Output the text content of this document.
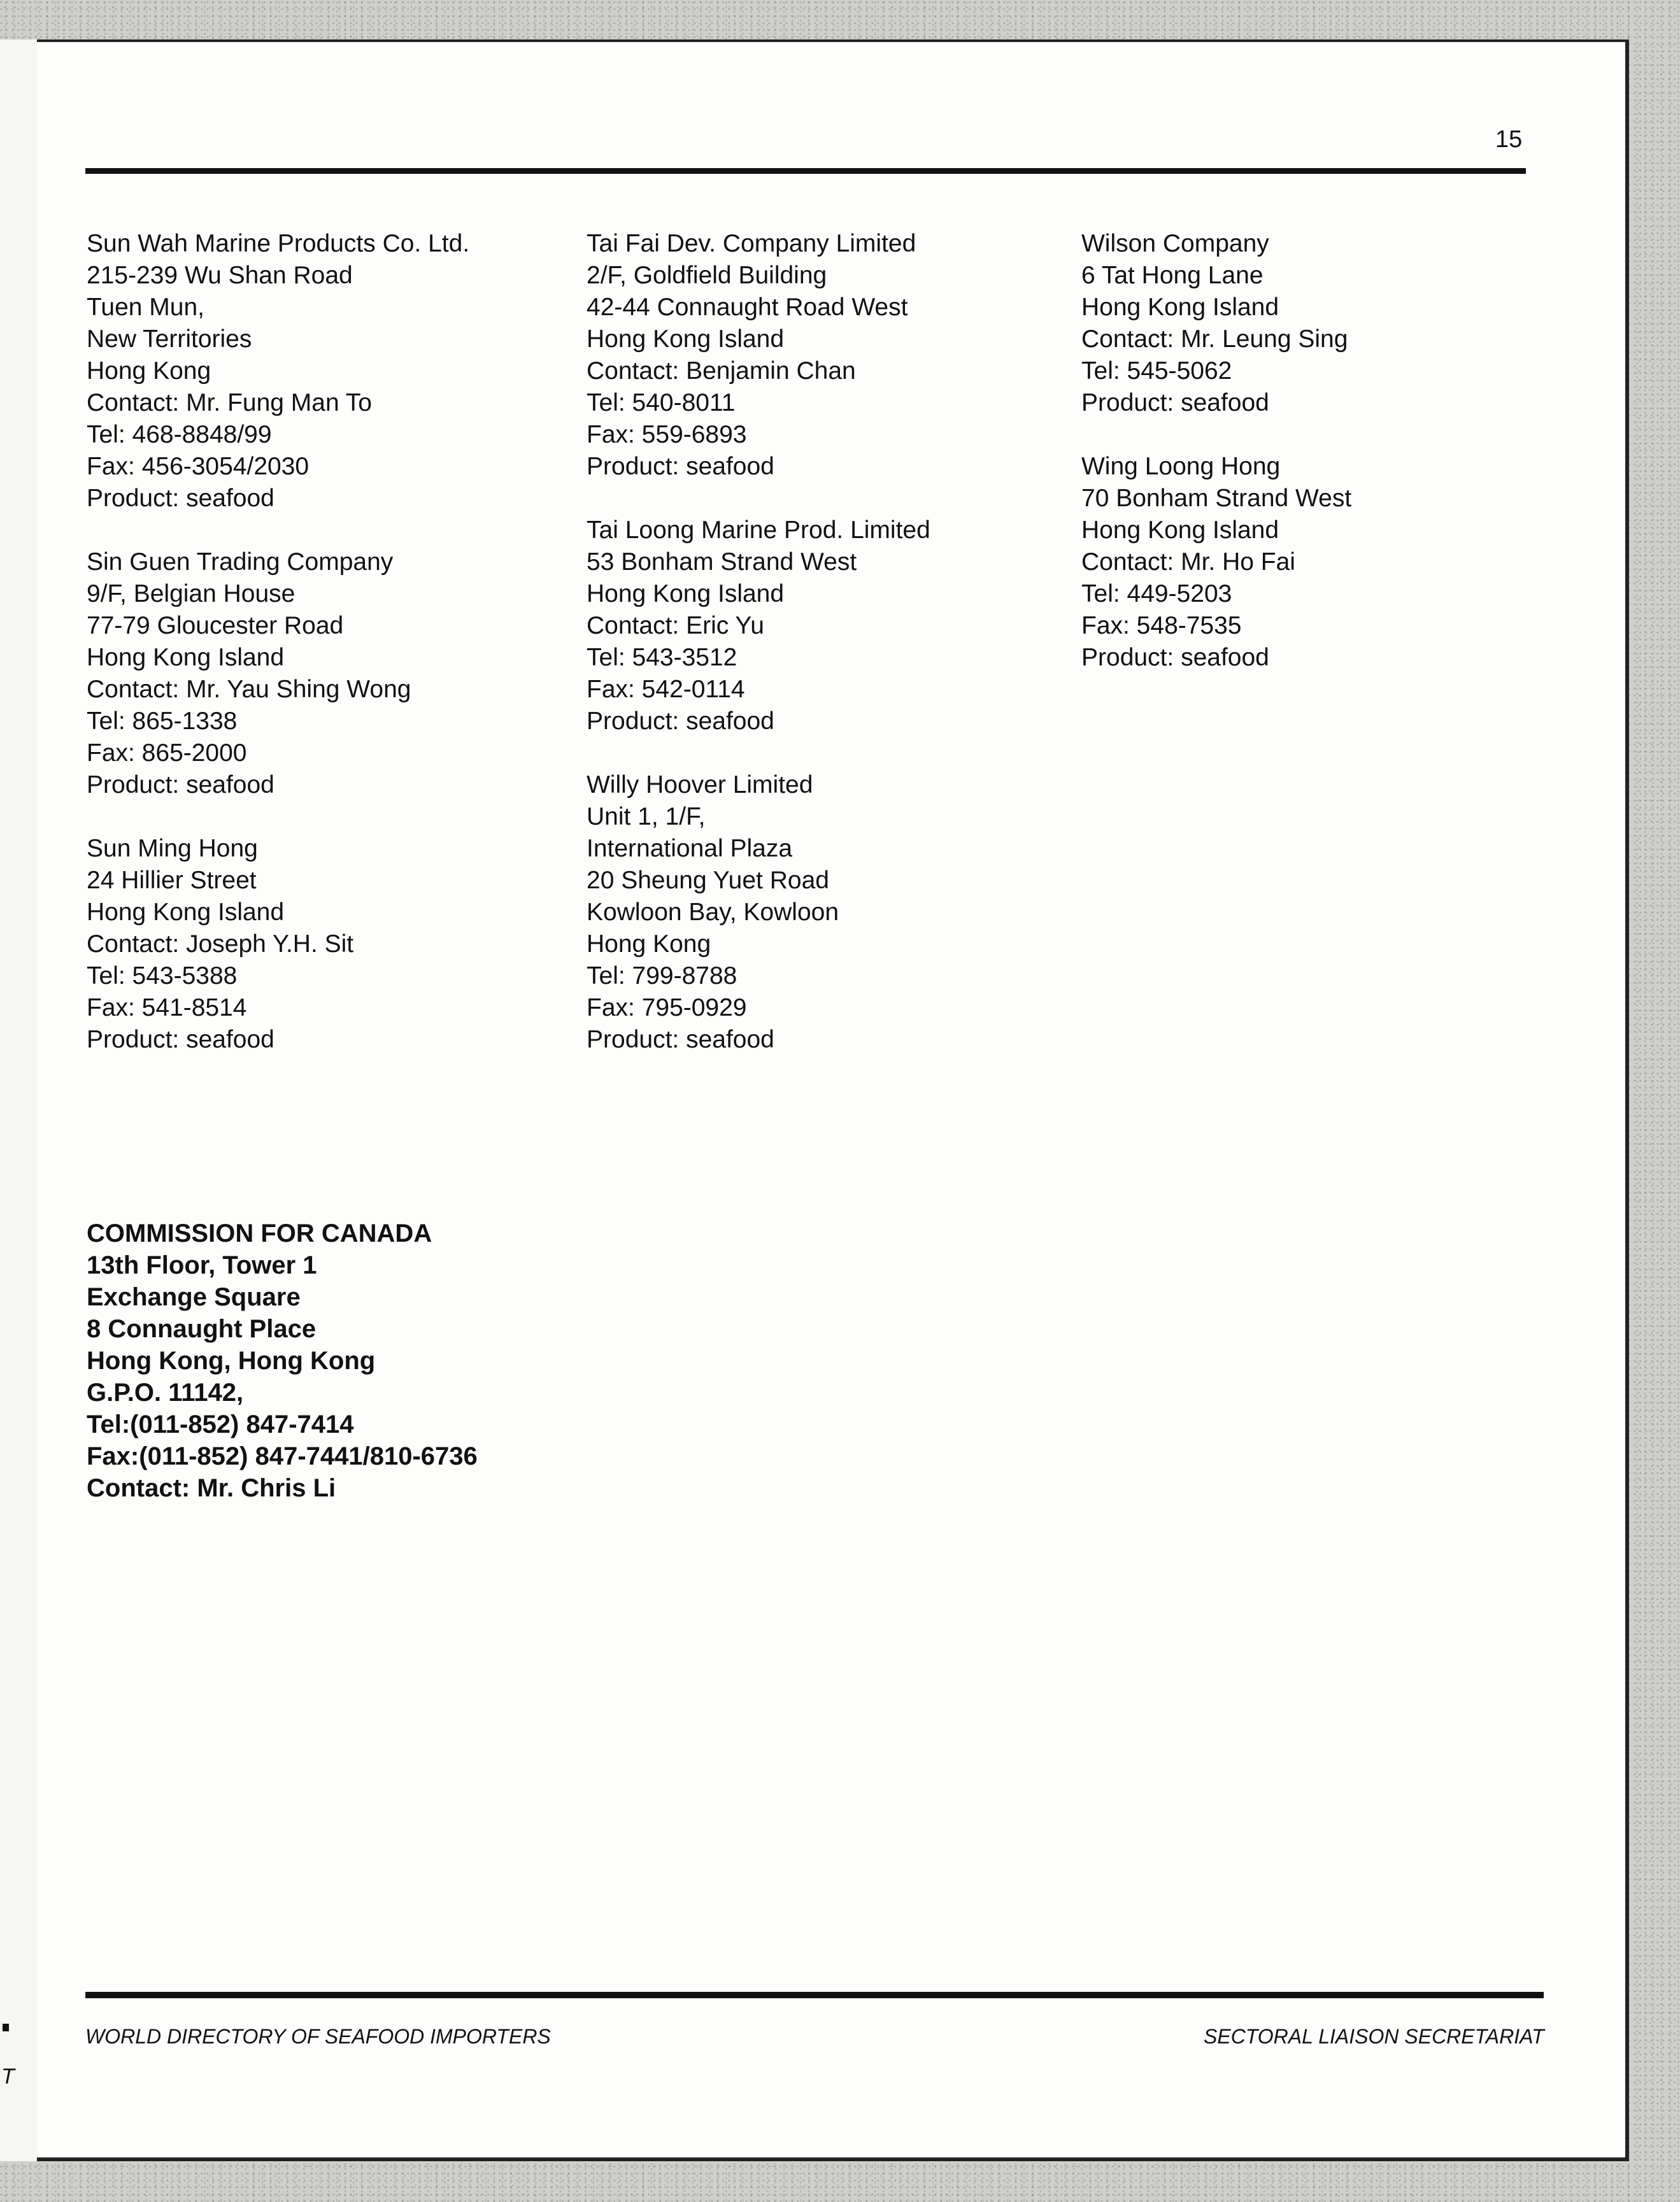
T
15
Sun Wah Marine Products Co. Ltd.
215-239 Wu Shan Road
Tuen Mun,
New Territories
Hong Kong
Contact: Mr. Fung Man To
Tel: 468-8848/99
Fax: 456-3054/2030
Product: seafood
Sin Guen Trading Company
9/F, Belgian House
77-79 Gloucester Road
Hong Kong Island
Contact: Mr. Yau Shing Wong
Tel: 865-1338
Fax: 865-2000
Product: seafood
Sun Ming Hong
24 Hillier Street
Hong Kong Island
Contact: Joseph Y.H. Sit
Tel: 543-5388
Fax: 541-8514
Product: seafood
Tai Fai Dev. Company Limited
2/F, Goldfield Building
42-44 Connaught Road West
Hong Kong Island
Contact: Benjamin Chan
Tel: 540-8011
Fax: 559-6893
Product: seafood
Tai Loong Marine Prod. Limited
53 Bonham Strand West
Hong Kong Island
Contact: Eric Yu
Tel: 543-3512
Fax: 542-0114
Product: seafood
Willy Hoover Limited
Unit 1, 1/F,
International Plaza
20 Sheung Yuet Road
Kowloon Bay, Kowloon
Hong Kong
Tel: 799-8788
Fax: 795-0929
Product: seafood
Wilson Company
6 Tat Hong Lane
Hong Kong Island
Contact: Mr. Leung Sing
Tel: 545-5062
Product: seafood
Wing Loong Hong
70 Bonham Strand West
Hong Kong Island
Contact: Mr. Ho Fai
Tel: 449-5203
Fax: 548-7535
Product: seafood
COMMISSION FOR CANADA
13th Floor, Tower 1
Exchange Square
8 Connaught Place
Hong Kong, Hong Kong
G.P.O. 11142,
Tel:(011-852) 847-7414
Fax:(011-852) 847-7441/810-6736
Contact: Mr. Chris Li
WORLD DIRECTORY OF SEAFOOD IMPORTERS	SECTORAL LIAISON SECRETARIAT
